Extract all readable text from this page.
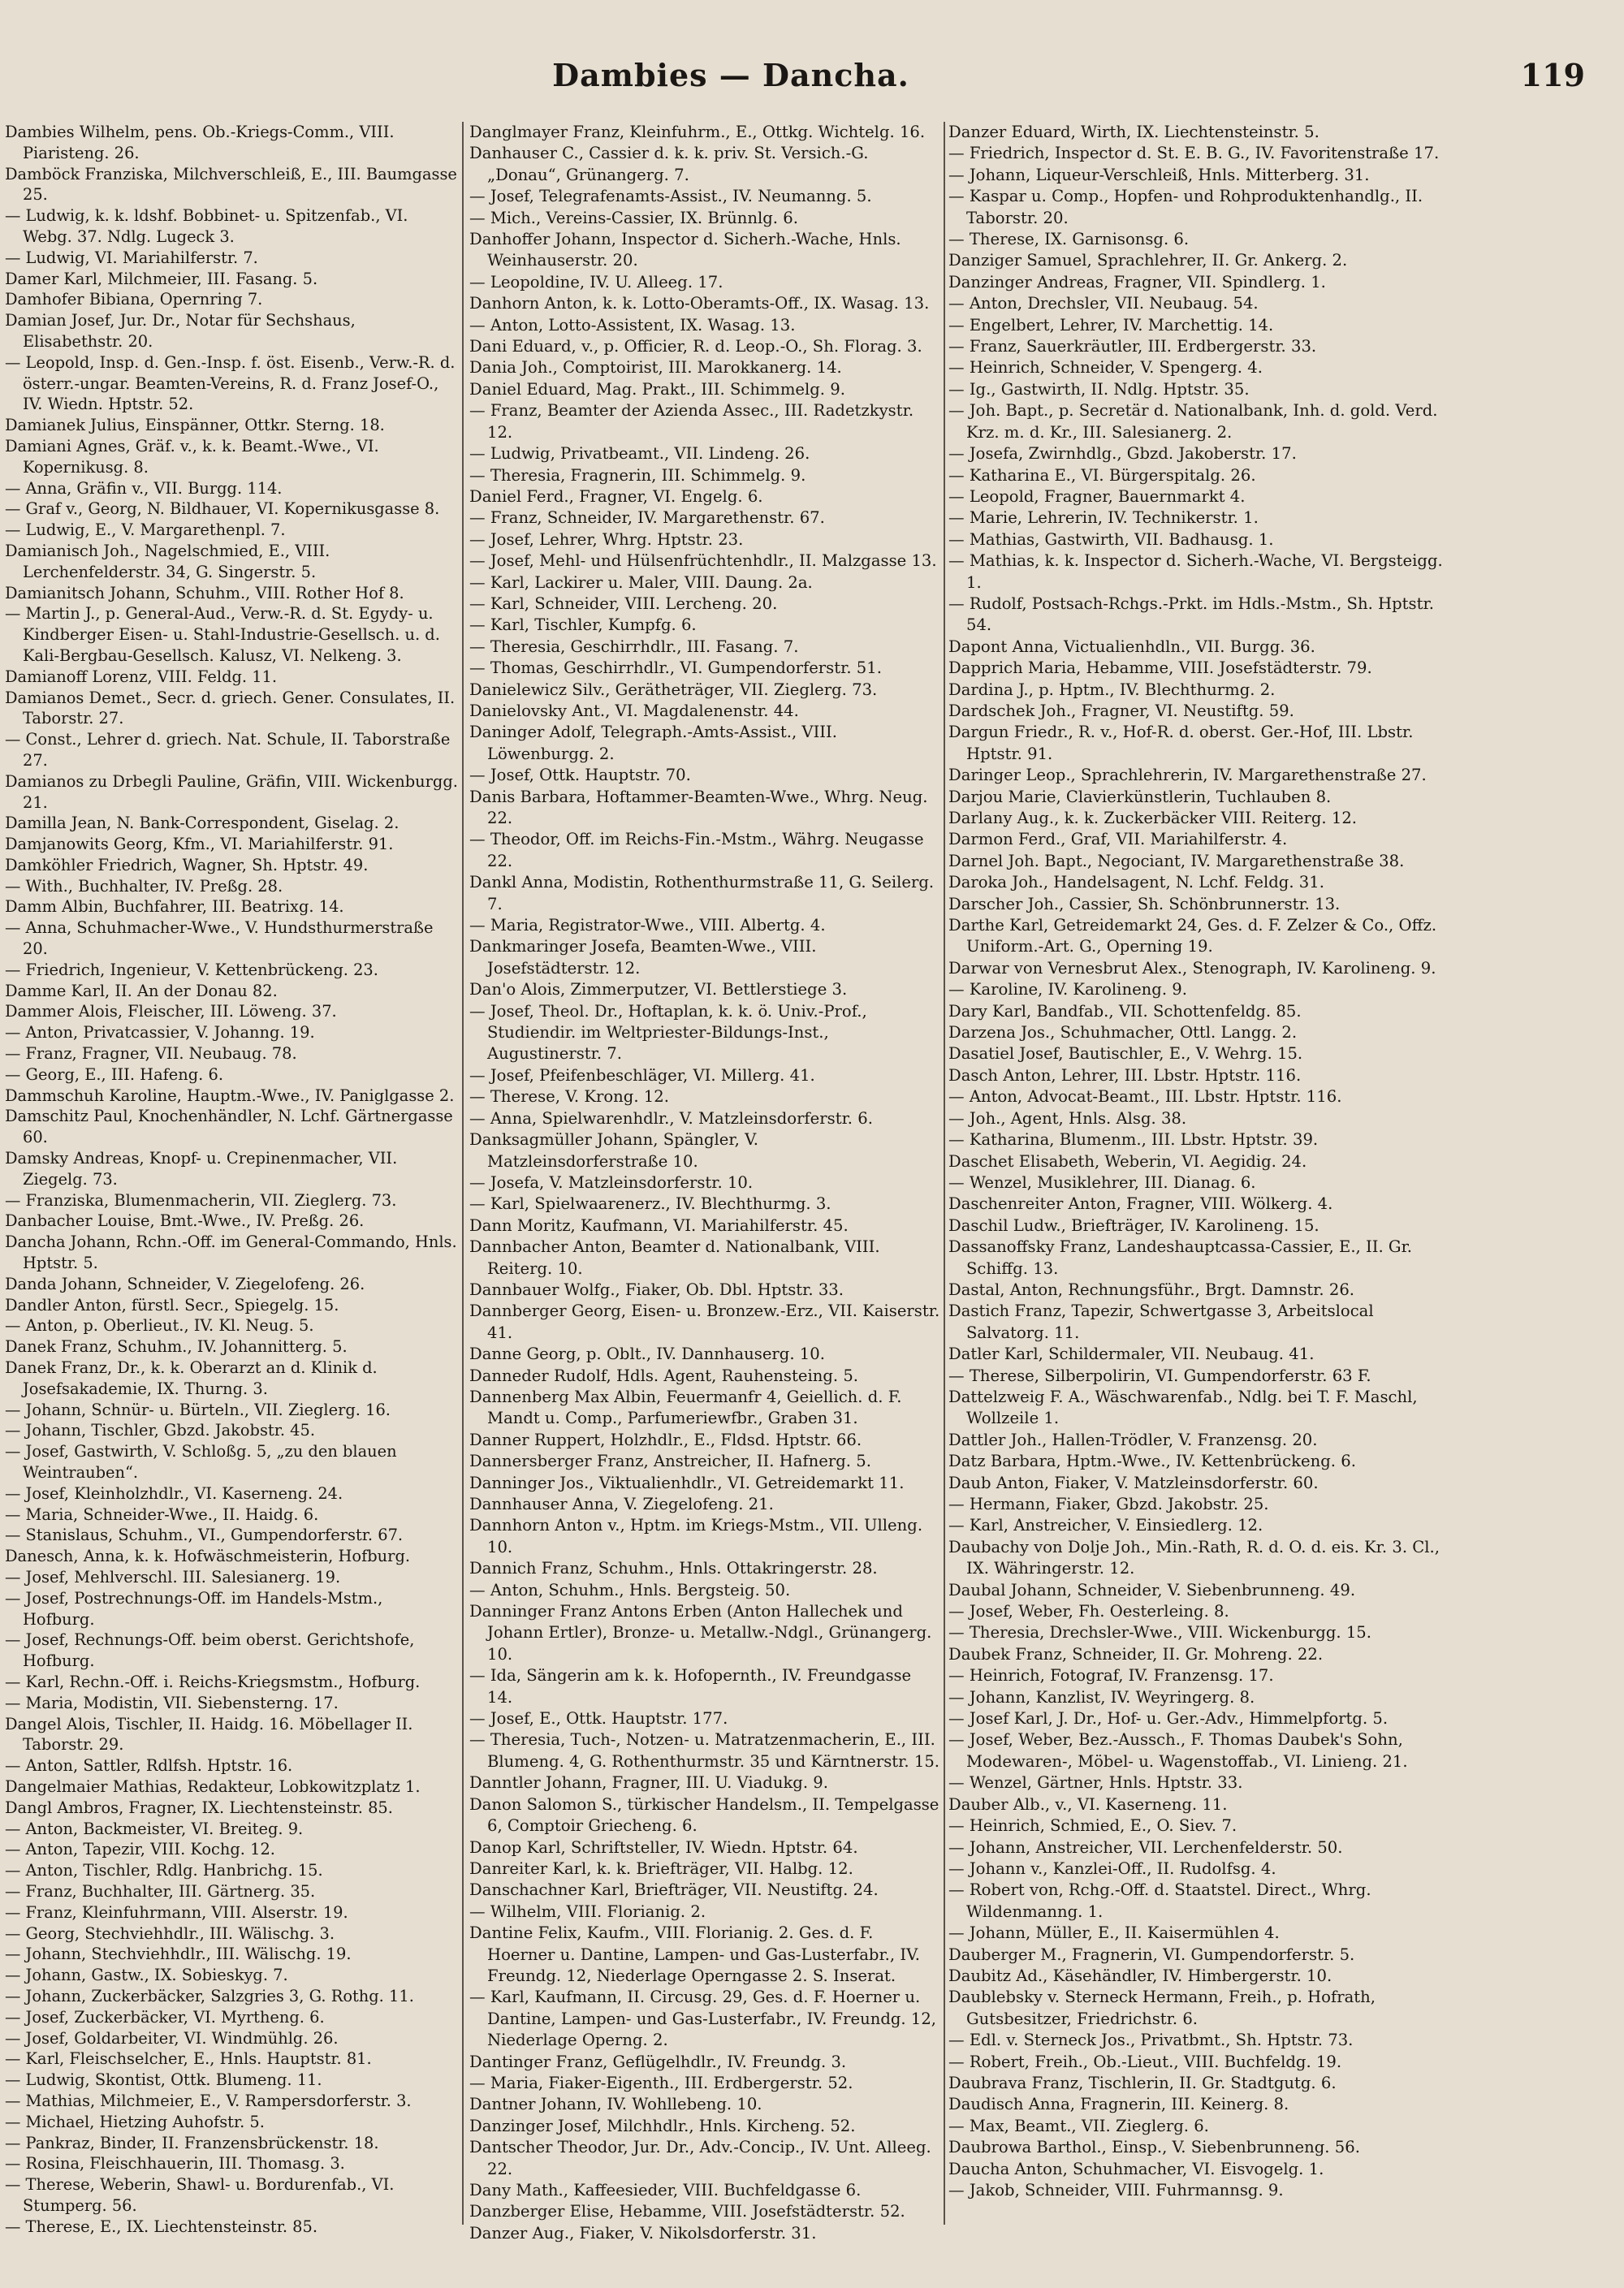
Dambies — Dancha.	119

Dambies Wilhelm, pens. Ob.-Kriegs-Comm., VIII. Piaristeng. 26.

Damböck Franziska, Milchverschleiß, E., III. Baumgasse 25.

— Ludwig, k. k. ldshf. Bobbinet- u. Spitzenfab., VI. Webg. 37. Ndlg. Lugeck 3.

— Ludwig, VI. Mariahilferstr. 7.

Damer Karl, Milchmeier, III. Fasang. 5.

Damhofer Bibiana, Opernring 7.

Damian Josef, Jur. Dr., Notar für Sechshaus, Elisabethstr. 20.

— Leopold, Insp. d. Gen.-Insp. f. öst. Eisenb., Verw.-R. d. österr.-ungar. Beamten-Vereins, R. d. Franz Josef-O., IV. Wiedn. Hptstr. 52.

Damianek Julius, Einspänner, Ottkr. Sterng. 18.

Damiani Agnes, Gräf. v., k. k. Beamt.-Wwe., VI. Kopernikusg. 8.

— Anna, Gräfin v., VII. Burgg. 114.

— Graf v., Georg, N. Bildhauer, VI. Kopernikusgasse 8.

— Ludwig, E., V. Margarethenpl. 7.

Damianisch Joh., Nagelschmied, E., VIII. Lerchenfelderstr. 34, G. Singerstr. 5.

Damianitsch Johann, Schuhm., VIII. Rother Hof 8.

— Martin J., p. General-Aud., Verw.-R. d. St. Egydy- u. Kindberger Eisen- u. Stahl-Industrie-Gesellsch. u. d. Kali-Bergbau-Gesellsch. Kalusz, VI. Nelkeng. 3.

Damianoff Lorenz, VIII. Feldg. 11.

Damianos Demet., Secr. d. griech. Gener. Consulates, II. Taborstr. 27.

— Const., Lehrer d. griech. Nat. Schule, II. Taborstraße 27.

Damianos zu Drbegli Pauline, Gräfin, VIII. Wickenburgg. 21.

Damilla Jean, N. Bank-Correspondent, Giselag. 2.

Damjanowits Georg, Kfm., VI. Mariahilferstr. 91.

Damköhler Friedrich, Wagner, Sh. Hptstr. 49.

— With., Buchhalter, IV. Preßg. 28.

Damm Albin, Buchfahrer, III. Beatrixg. 14.

— Anna, Schuhmacher-Wwe., V. Hundsthurmerstraße 20.

— Friedrich, Ingenieur, V. Kettenbrückeng. 23.

Damme Karl, II. An der Donau 82.

Dammer Alois, Fleischer, III. Löweng. 37.

— Anton, Privatcassier, V. Johanng. 19.

— Franz, Fragner, VII. Neubaug. 78.

— Georg, E., III. Hafeng. 6.

Dammschuh Karoline, Hauptm.-Wwe., IV. Paniglgasse 2.

Damschitz Paul, Knochenhändler, N. Lchf. Gärtnergasse 60.

Damsky Andreas, Knopf- u. Crepinenmacher, VII. Ziegelg. 73.

— Franziska, Blumenmacherin, VII. Zieglerg. 73.

Danbacher Louise, Bmt.-Wwe., IV. Preßg. 26.

Dancha Johann, Rchn.-Off. im General-Commando, Hnls. Hptstr. 5.

Danda Johann, Schneider, V. Ziegelofeng. 26.

Dandler Anton, fürstl. Secr., Spiegelg. 15.

— Anton, p. Oberlieut., IV. Kl. Neug. 5.

Danek Franz, Schuhm., IV. Johannitterg. 5.

Danek Franz, Dr., k. k. Oberarzt an d. Klinik d. Josefsakademie, IX. Thurng. 3.

— Johann, Schnür- u. Bürteln., VII. Zieglerg. 16.

— Johann, Tischler, Gbzd. Jakobstr. 45.

— Josef, Gastwirth, V. Schloßg. 5, „zu den blauen Weintrauben“.

— Josef, Kleinholzhdlr., VI. Kaserneng. 24.

— Maria, Schneider-Wwe., II. Haidg. 6.

— Stanislaus, Schuhm., VI., Gumpendorferstr. 67.

Danesch, Anna, k. k. Hofwäschmeisterin, Hofburg.

— Josef, Mehlverschl. III. Salesianerg. 19.

— Josef, Postrechnungs-Off. im Handels-Mstm., Hofburg.

— Josef, Rechnungs-Off. beim oberst. Gerichtshofe, Hofburg.

— Karl, Rechn.-Off. i. Reichs-Kriegsmstm., Hofburg.

— Maria, Modistin, VII. Siebensterng. 17.

Dangel Alois, Tischler, II. Haidg. 16. Möbellager II. Taborstr. 29.

— Anton, Sattler, Rdlfsh. Hptstr. 16.

Dangelmaier Mathias, Redakteur, Lobkowitzplatz 1.

Dangl Ambros, Fragner, IX. Liechtensteinstr. 85.

— Anton, Backmeister, VI. Breiteg. 9.

— Anton, Tapezir, VIII. Kochg. 12.

— Anton, Tischler, Rdlg. Hanbrichg. 15.

— Franz, Buchhalter, III. Gärtnerg. 35.

— Franz, Kleinfuhrmann, VIII. Alserstr. 19.

— Georg, Stechviehhdlr., III. Wälischg. 3.

— Johann, Stechviehhdlr., III. Wälischg. 19.

— Johann, Gastw., IX. Sobieskyg. 7.

— Johann, Zuckerbäcker, Salzgries 3, G. Rothg. 11.

— Josef, Zuckerbäcker, VI. Myrtheng. 6.

— Josef, Goldarbeiter, VI. Windmühlg. 26.

— Karl, Fleischselcher, E., Hnls. Hauptstr. 81.

— Ludwig, Skontist, Ottk. Blumeng. 11.

— Mathias, Milchmeier, E., V. Rampersdorferstr. 3.

— Michael, Hietzing Auhofstr. 5.

— Pankraz, Binder, II. Franzensbrückenstr. 18.

— Rosina, Fleischhauerin, III. Thomasg. 3.

— Therese, Weberin, Shawl- u. Bordurenfab., VI. Stumperg. 56.

— Therese, E., IX. Liechtensteinstr. 85.

Danglmayer Franz, Kleinfuhrm., E., Ottkg. Wichtelg. 16.

Danhauser C., Cassier d. k. k. priv. St. Versich.-G. „Donau“, Grünangerg. 7.

— Josef, Telegrafenamts-Assist., IV. Neumanng. 5.

— Mich., Vereins-Cassier, IX. Brünnlg. 6.

Danhoffer Johann, Inspector d. Sicherh.-Wache, Hnls. Weinhauserstr. 20.

— Leopoldine, IV. U. Alleeg. 17.

Danhorn Anton, k. k. Lotto-Oberamts-Off., IX. Wasag. 13.

— Anton, Lotto-Assistent, IX. Wasag. 13.

Dani Eduard, v., p. Officier, R. d. Leop.-O., Sh. Florag. 3.

Dania Joh., Comptoirist, III. Marokkanerg. 14.

Daniel Eduard, Mag. Prakt., III. Schimmelg. 9.

— Franz, Beamter der Azienda Assec., III. Radetzkystr. 12.

— Ludwig, Privatbeamt., VII. Lindeng. 26.

— Theresia, Fragnerin, III. Schimmelg. 9.

Daniel Ferd., Fragner, VI. Engelg. 6.

— Franz, Schneider, IV. Margarethenstr. 67.

— Josef, Lehrer, Whrg. Hptstr. 23.

— Josef, Mehl- und Hülsenfrüchtenhdlr., II. Malzgasse 13.

— Karl, Lackirer u. Maler, VIII. Daung. 2a.

— Karl, Schneider, VIII. Lercheng. 20.

— Karl, Tischler, Kumpfg. 6.

— Theresia, Geschirrhdlr., III. Fasang. 7.

— Thomas, Geschirrhdlr., VI. Gumpendorferstr. 51.

Danielewicz Silv., Gerätheträger, VII. Zieglerg. 73.

Danielovsky Ant., VI. Magdalenenstr. 44.

Daninger Adolf, Telegraph.-Amts-Assist., VIII. Löwenburgg. 2.

— Josef, Ottk. Hauptstr. 70.

Danis Barbara, Hoftammer-Beamten-Wwe., Whrg. Neug. 22.

— Theodor, Off. im Reichs-Fin.-Mstm., Währg. Neugasse 22.

Dankl Anna, Modistin, Rothenthurmstraße 11, G. Seilerg. 7.

— Maria, Registrator-Wwe., VIII. Albertg. 4.

Dankmaringer Josefa, Beamten-Wwe., VIII. Josefstädterstr. 12.

Dan'o Alois, Zimmerputzer, VI. Bettlerstiege 3.

— Josef, Theol. Dr., Hoftaplan, k. k. ö. Univ.-Prof., Studiendir. im Weltpriester-Bildungs-Inst., Augustinerstr. 7.

— Josef, Pfeifenbeschläger, VI. Millerg. 41.

— Therese, V. Krong. 12.

— Anna, Spielwarenhdlr., V. Matzleinsdorferstr. 6.

Danksagmüller Johann, Spängler, V. Matzleinsdorferstraße 10.

— Josefa, V. Matzleinsdorferstr. 10.

— Karl, Spielwaarenerz., IV. Blechthurmg. 3.

Dann Moritz, Kaufmann, VI. Mariahilferstr. 45.

Dannbacher Anton, Beamter d. Nationalbank, VIII. Reiterg. 10.

Dannbauer Wolfg., Fiaker, Ob. Dbl. Hptstr. 33.

Dannberger Georg, Eisen- u. Bronzew.-Erz., VII. Kaiserstr. 41.

Danne Georg, p. Oblt., IV. Dannhauserg. 10.

Danneder Rudolf, Hdls. Agent, Rauhensteing. 5.

Dannenberg Max Albin, Feuermanfr 4, Geiellich. d. F. Mandt u. Comp., Parfumeriewfbr., Graben 31.

Danner Ruppert, Holzhdlr., E., Fldsd. Hptstr. 66.

Dannersberger Franz, Anstreicher, II. Hafnerg. 5.

Danninger Jos., Viktualienhdlr., VI. Getreidemarkt 11.

Dannhauser Anna, V. Ziegelofeng. 21.

Dannhorn Anton v., Hptm. im Kriegs-Mstm., VII. Ulleng. 10.

Dannich Franz, Schuhm., Hnls. Ottakringerstr. 28.

— Anton, Schuhm., Hnls. Bergsteig. 50.

Danninger Franz Antons Erben (Anton Hallechek und Johann Ertler), Bronze- u. Metallw.-Ndgl., Grünangerg. 10.

— Ida, Sängerin am k. k. Hofopernth., IV. Freundgasse 14.

— Josef, E., Ottk. Hauptstr. 177.

— Theresia, Tuch-, Notzen- u. Matratzenmacherin, E., III. Blumeng. 4, G. Rothenthurmstr. 35 und Kärntnerstr. 15.

Danntler Johann, Fragner, III. U. Viadukg. 9.

Danon Salomon S., türkischer Handelsm., II. Tempelgasse 6, Comptoir Griecheng. 6.

Danop Karl, Schriftsteller, IV. Wiedn. Hptstr. 64.

Danreiter Karl, k. k. Briefträger, VII. Halbg. 12.

Danschachner Karl, Briefträger, VII. Neustiftg. 24.

— Wilhelm, VIII. Florianig. 2.

Dantine Felix, Kaufm., VIII. Florianig. 2. Ges. d. F. Hoerner u. Dantine, Lampen- und Gas-Lusterfabr., IV. Freundg. 12, Niederlage Operngasse 2. S. Inserat.

— Karl, Kaufmann, II. Circusg. 29, Ges. d. F. Hoerner u. Dantine, Lampen- und Gas-Lusterfabr., IV. Freundg. 12, Niederlage Operng. 2.

Dantinger Franz, Geflügelhdlr., IV. Freundg. 3.

— Maria, Fiaker-Eigenth., III. Erdbergerstr. 52.

Dantner Johann, IV. Wohllebeng. 10.

Danzinger Josef, Milchhdlr., Hnls. Kircheng. 52.

Dantscher Theodor, Jur. Dr., Adv.-Concip., IV. Unt. Alleeg. 22.

Dany Math., Kaffeesieder, VIII. Buchfeldgasse 6.

Danzberger Elise, Hebamme, VIII. Josefstädterstr. 52.

Danzer Aug., Fiaker, V. Nikolsdorferstr. 31.

Danzer Eduard, Wirth, IX. Liechtensteinstr. 5.

— Friedrich, Inspector d. St. E. B. G., IV. Favoritenstraße 17.

— Johann, Liqueur-Verschleiß, Hnls. Mitterberg. 31.

— Kaspar u. Comp., Hopfen- und Rohproduktenhandlg., II. Taborstr. 20.

— Therese, IX. Garnisonsg. 6.

Danziger Samuel, Sprachlehrer, II. Gr. Ankerg. 2.

Danzinger Andreas, Fragner, VII. Spindlerg. 1.

— Anton, Drechsler, VII. Neubaug. 54.

— Engelbert, Lehrer, IV. Marchettig. 14.

— Franz, Sauerkräutler, III. Erdbergerstr. 33.

— Heinrich, Schneider, V. Spengerg. 4.

— Ig., Gastwirth, II. Ndlg. Hptstr. 35.

— Joh. Bapt., p. Secretär d. Nationalbank, Inh. d. gold. Verd. Krz. m. d. Kr., III. Salesianerg. 2.

— Josefa, Zwirnhdlg., Gbzd. Jakoberstr. 17.

— Katharina E., VI. Bürgerspitalg. 26.

— Leopold, Fragner, Bauernmarkt 4.

— Marie, Lehrerin, IV. Technikerstr. 1.

— Mathias, Gastwirth, VII. Badhausg. 1.

— Mathias, k. k. Inspector d. Sicherh.-Wache, VI. Bergsteigg. 1.

— Rudolf, Postsach-Rchgs.-Prkt. im Hdls.-Mstm., Sh. Hptstr. 54.

Dapont Anna, Victualienhdln., VII. Burgg. 36.

Dapprich Maria, Hebamme, VIII. Josefstädterstr. 79.

Dardina J., p. Hptm., IV. Blechthurmg. 2.

Dardschek Joh., Fragner, VI. Neustiftg. 59.

Dargun Friedr., R. v., Hof-R. d. oberst. Ger.-Hof, III. Lbstr. Hptstr. 91.

Daringer Leop., Sprachlehrerin, IV. Margarethenstraße 27.

Darjou Marie, Clavierkünstlerin, Tuchlauben 8.

Darlany Aug., k. k. Zuckerbäcker VIII. Reiterg. 12.

Darmon Ferd., Graf, VII. Mariahilferstr. 4.

Darnel Joh. Bapt., Negociant, IV. Margarethenstraße 38.

Daroka Joh., Handelsagent, N. Lchf. Feldg. 31.

Darscher Joh., Cassier, Sh. Schönbrunnerstr. 13.

Darthe Karl, Getreidemarkt 24, Ges. d. F. Zelzer & Co., Offz. Uniform.-Art. G., Operning 19.

Darwar von Vernesbrut Alex., Stenograph, IV. Karolineng. 9.

— Karoline, IV. Karolineng. 9.

Dary Karl, Bandfab., VII. Schottenfeldg. 85.

Darzena Jos., Schuhmacher, Ottl. Langg. 2.

Dasatiel Josef, Bautischler, E., V. Wehrg. 15.

Dasch Anton, Lehrer, III. Lbstr. Hptstr. 116.

— Anton, Advocat-Beamt., III. Lbstr. Hptstr. 116.

— Joh., Agent, Hnls. Alsg. 38.

— Katharina, Blumenm., III. Lbstr. Hptstr. 39.

Daschet Elisabeth, Weberin, VI. Aegidig. 24.

— Wenzel, Musiklehrer, III. Dianag. 6.

Daschenreiter Anton, Fragner, VIII. Wölkerg. 4.

Daschil Ludw., Briefträger, IV. Karolineng. 15.

Dassanoffsky Franz, Landeshauptcassa-Cassier, E., II. Gr. Schiffg. 13.

Dastal, Anton, Rechnungsführ., Brgt. Damnstr. 26.

Dastich Franz, Tapezir, Schwertgasse 3, Arbeitslocal Salvatorg. 11.

Datler Karl, Schildermaler, VII. Neubaug. 41.

— Therese, Silberpolirin, VI. Gumpendorferstr. 63 F.

Dattelzweig F. A., Wäschwarenfab., Ndlg. bei T. F. Maschl, Wollzeile 1.

Dattler Joh., Hallen-Trödler, V. Franzensg. 20.

Datz Barbara, Hptm.-Wwe., IV. Kettenbrückeng. 6.

Daub Anton, Fiaker, V. Matzleinsdorferstr. 60.

— Hermann, Fiaker, Gbzd. Jakobstr. 25.

— Karl, Anstreicher, V. Einsiedlerg. 12.

Daubachy von Dolje Joh., Min.-Rath, R. d. O. d. eis. Kr. 3. Cl., IX. Währingerstr. 12.

Daubal Johann, Schneider, V. Siebenbrunneng. 49.

— Josef, Weber, Fh. Oesterleing. 8.

— Theresia, Drechsler-Wwe., VIII. Wickenburgg. 15.

Daubek Franz, Schneider, II. Gr. Mohreng. 22.

— Heinrich, Fotograf, IV. Franzensg. 17.

— Johann, Kanzlist, IV. Weyringerg. 8.

— Josef Karl, J. Dr., Hof- u. Ger.-Adv., Himmelpfortg. 5.

— Josef, Weber, Bez.-Aussch., F. Thomas Daubek's Sohn, Modewaren-, Möbel- u. Wagenstoffab., VI. Linieng. 21.

— Wenzel, Gärtner, Hnls. Hptstr. 33.

Dauber Alb., v., VI. Kaserneng. 11.

— Heinrich, Schmied, E., O. Siev. 7.

— Johann, Anstreicher, VII. Lerchenfelderstr. 50.

— Johann v., Kanzlei-Off., II. Rudolfsg. 4.

— Robert von, Rchg.-Off. d. Staatstel. Direct., Whrg. Wildenmanng. 1.

— Johann, Müller, E., II. Kaisermühlen 4.

Dauberger M., Fragnerin, VI. Gumpendorferstr. 5.

Daubitz Ad., Käsehändler, IV. Himbergerstr. 10.

Daublebsky v. Sterneck Hermann, Freih., p. Hofrath, Gutsbesitzer, Friedrichstr. 6.

— Edl. v. Sterneck Jos., Privatbmt., Sh. Hptstr. 73.

— Robert, Freih., Ob.-Lieut., VIII. Buchfeldg. 19.

Daubrava Franz, Tischlerin, II. Gr. Stadtgutg. 6.

Daudisch Anna, Fragnerin, III. Keinerg. 8.

— Max, Beamt., VII. Zieglerg. 6.

Daubrowa Barthol., Einsp., V. Siebenbrunneng. 56.

Daucha Anton, Schuhmacher, VI. Eisvogelg. 1.

— Jakob, Schneider, VIII. Fuhrmannsg. 9.
